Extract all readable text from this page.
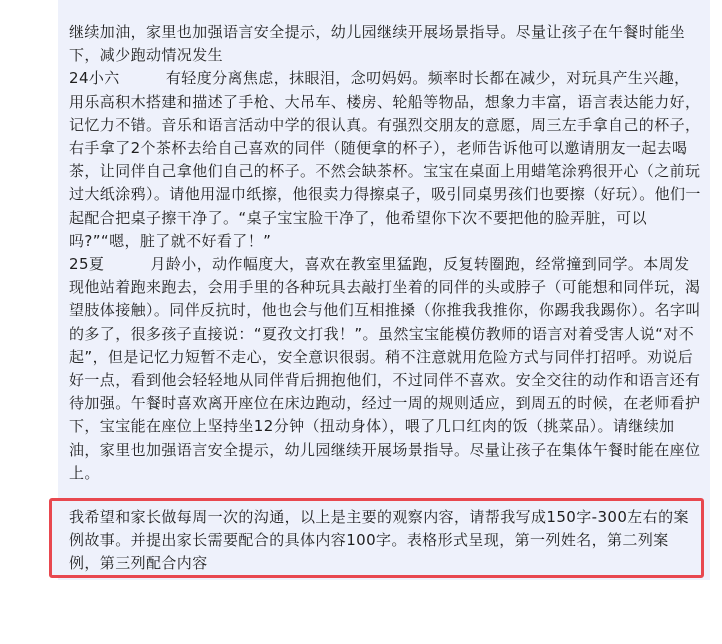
继续加油，家里也加强语言安全提示，幼儿园继续开展场景指导。尽量让孩子在午餐时能坐下，减少跑动情况发生

24小六　　　有轻度分离焦虑，抹眼泪，念叨妈妈。频率时长都在减少，对玩具产生兴趣，用乐高积木搭建和描述了手枪、大吊车、楼房、轮船等物品，想象力丰富，语言表达能力好，记忆力不错。音乐和语言活动中学的很认真。有强烈交朋友的意愿，周三左手拿自己的杯子，右手拿了2个茶杯去给自己喜欢的同伴（随便拿的杯子），老师告诉他可以邀请朋友一起去喝茶，让同伴自己拿他们自己的杯子。不然会缺茶杯。宝宝在桌面上用蜡笔涂鸦很开心（之前玩过大纸涂鸦）。请他用湿巾纸擦，他很卖力得擦桌子，吸引同桌男孩们也要擦（好玩）。他们一起配合把桌子擦干净了。“桌子宝宝脸干净了，他希望你下次不要把他的脸弄脏，可以吗?”“嗯，脏了就不好看了！”

25夏　　　月龄小，动作幅度大，喜欢在教室里猛跑，反复转圈跑，经常撞到同学。本周发现他站着跑来跑去，会用手里的各种玩具去敲打坐着的同伴的头或脖子（可能想和同伴玩，渴望肢体接触）。同伴反抗时，他也会与他们互相推搡（你推我我推你，你踢我我踢你）。名字叫的多了，很多孩子直接说：“夏孜文打我！”。虽然宝宝能模仿教师的语言对着受害人说“对不起”，但是记忆力短暂不走心，安全意识很弱。稍不注意就用危险方式与同伴打招呼。劝说后好一点，看到他会轻轻地从同伴背后拥抱他们，不过同伴不喜欢。安全交往的动作和语言还有待加强。午餐时喜欢离开座位在床边跑动，经过一周的规则适应，到周五的时候，在老师看护下，宝宝能在座位上坚持坐12分钟（扭动身体），喂了几口红肉的饭（挑菜品）。请继续加油，家里也加强语言安全提示，幼儿园继续开展场景指导。尽量让孩子在集体午餐时能在座位上。

我希望和家长做每周一次的沟通，以上是主要的观察内容，请帮我写成150字-300左右的案例故事。并提出家长需要配合的具体内容100字。表格形式呈现，第一列姓名，第二列案例，第三列配合内容
